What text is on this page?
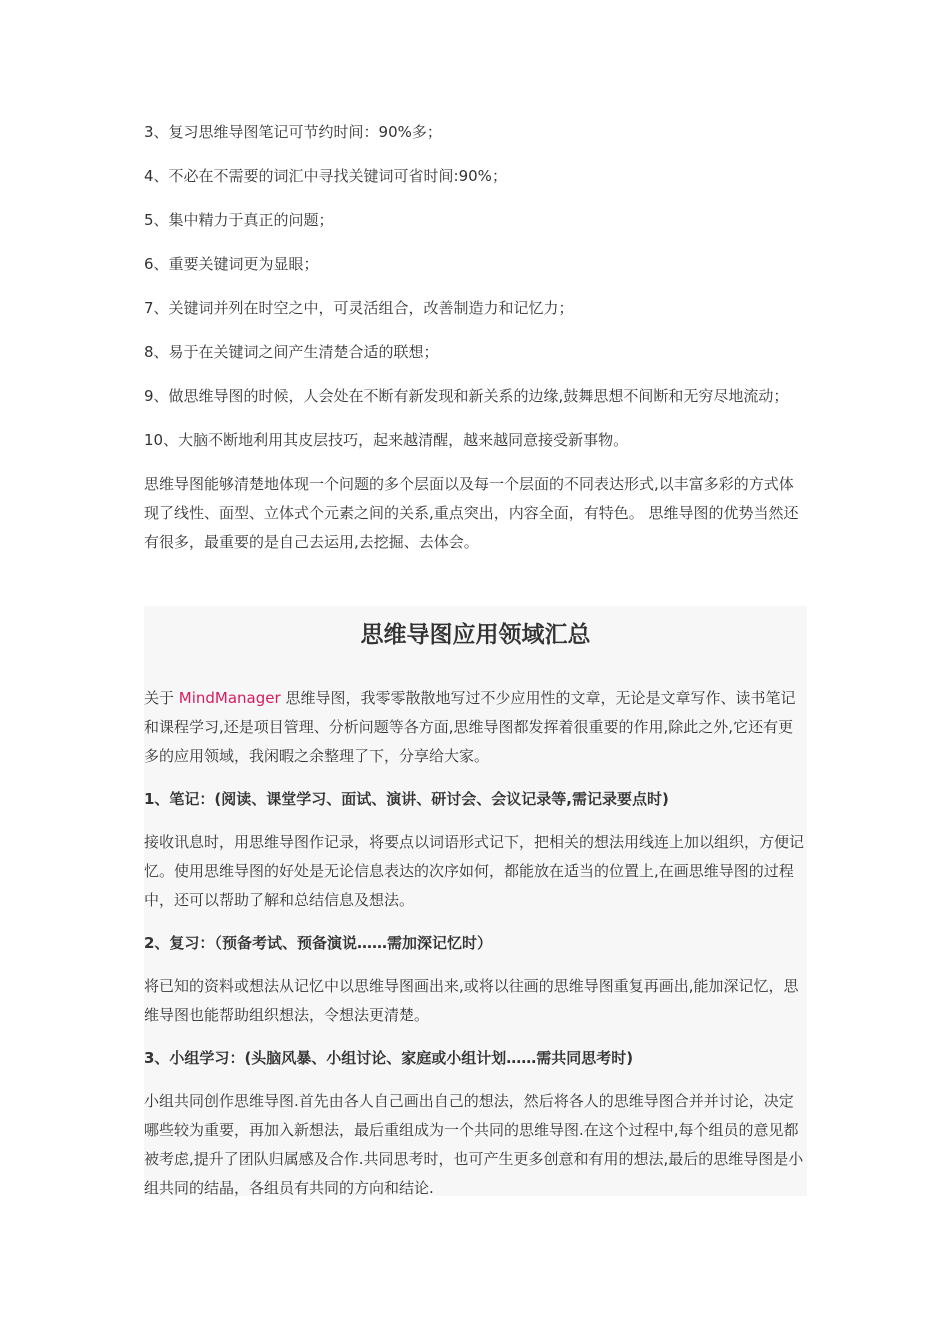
3、复习思维导图笔记可节约时间：90%多；

4、不必在不需要的词汇中寻找关键词可省时间:90%；

5、集中精力于真正的问题；

6、重要关键词更为显眼；

7、关键词并列在时空之中，可灵活组合，改善制造力和记忆力；

8、易于在关键词之间产生清楚合适的联想；

9、做思维导图的时候，人会处在不断有新发现和新关系的边缘,鼓舞思想不间断和无穷尽地流动；

10、大脑不断地利用其皮层技巧，起来越清醒，越来越同意接受新事物。

思维导图能够清楚地体现一个问题的多个层面以及每一个层面的不同表达形式,以丰富多彩的方式体现了线性、面型、立体式个元素之间的关系,重点突出，内容全面，有特色。 思维导图的优势当然还有很多，最重要的是自己去运用,去挖掘、去体会。

思维导图应用领域汇总

关于 MindManager 思维导图，我零零散散地写过不少应用性的文章，无论是文章写作、读书笔记和课程学习,还是项目管理、分析问题等各方面,思维导图都发挥着很重要的作用,除此之外,它还有更多的应用领域，我闲暇之余整理了下，分享给大家。

1、笔记：(阅读、课堂学习、面试、演讲、研讨会、会议记录等,需记录要点时)

接收讯息时，用思维导图作记录，将要点以词语形式记下，把相关的想法用线连上加以组织，方便记忆。使用思维导图的好处是无论信息表达的次序如何，都能放在适当的位置上,在画思维导图的过程中，还可以帮助了解和总结信息及想法。

2、复习：（预备考试、预备演说……需加深记忆时）

将已知的资料或想法从记忆中以思维导图画出来,或将以往画的思维导图重复再画出,能加深记忆，思维导图也能帮助组织想法，令想法更清楚。

3、小组学习：(头脑风暴、小组讨论、家庭或小组计划……需共同思考时)

小组共同创作思维导图.首先由各人自己画出自己的想法，然后将各人的思维导图合并并讨论，决定哪些较为重要，再加入新想法，最后重组成为一个共同的思维导图.在这个过程中,每个组员的意见都被考虑,提升了团队归属感及合作.共同思考时，也可产生更多创意和有用的想法,最后的思维导图是小组共同的结晶，各组员有共同的方向和结论.
